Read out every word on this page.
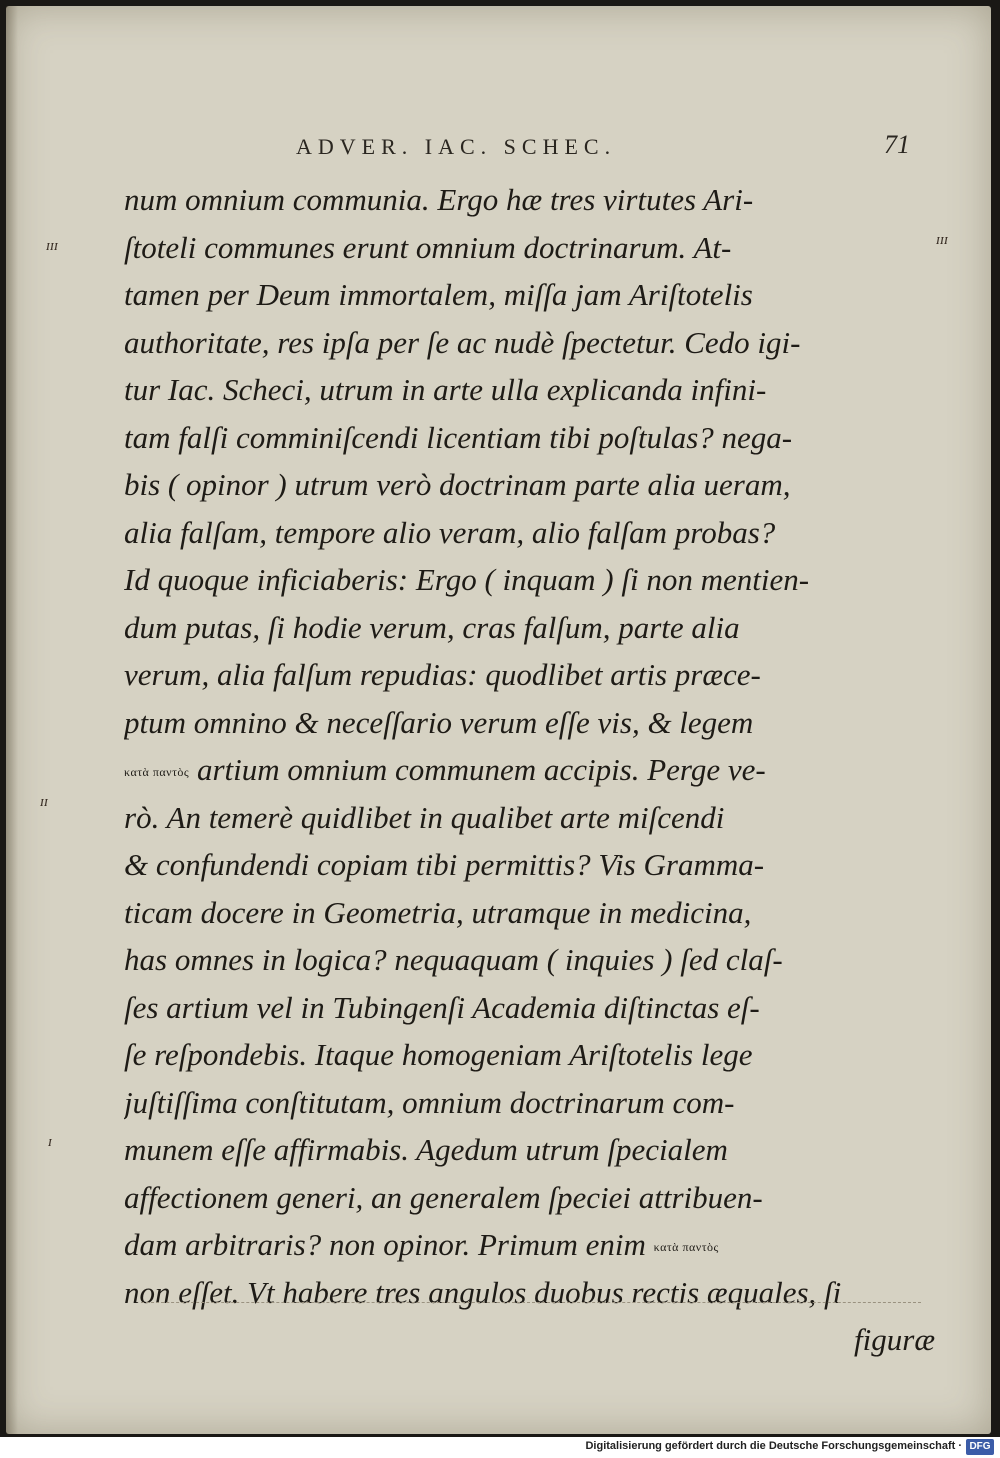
ADVER. IAC. SCHEC.	71
ɪɪɪ	ɪɪɪ
ɪɪ
ɪ
num omnium communia. Ergo hæ tres virtutes Ari-
ſtoteli communes erunt omnium doctrinarum. At-
tamen per Deum immortalem, miſſa jam Ariſtotelis
authoritate, res ipſa per ſe ac nudè ſpectetur. Cedo igi-
tur Iac. Scheci, utrum in arte ulla explicanda infini-
tam falſi comminiſcendi licentiam tibi poſtulas? nega-
bis ( opinor ) utrum verò doctrinam parte alia ueram,
alia falſam, tempore alio veram, alio falſam probas?
Id quoque inficiaberis: Ergo ( inquam ) ſi non mentien-
dum putas, ſi hodie verum, cras falſum, parte alia
verum, alia falſum repudias: quodlibet artis præce-
ptum omnino & neceſſario verum eſſe vis, & legem
κατὰ παντὸς artium omnium communem accipis. Perge ve-
rò. An temerè quidlibet in qualibet arte miſcendi
& confundendi copiam tibi permittis? Vis Gramma-
ticam docere in Geometria, utramque in medicina,
has omnes in logica? nequaquam ( inquies ) ſed claſ-
ſes artium vel in Tubingenſi Academia diſtinctas eſ-
ſe reſpondebis. Itaque homogeniam Ariſtotelis lege
juſtiſſima conſtitutam, omnium doctrinarum com-
munem eſſe affirmabis. Agedum utrum ſpecialem
affectionem generi, an generalem ſpeciei attribuen-
dam arbitraris? non opinor. Primum enim κατὰ παντὸς
non eſſet. Vt habere tres angulos duobus rectis æquales, ſi
figuræ
Digitalisierung gefördert durch die Deutsche Forschungsgemeinschaft · DFG
